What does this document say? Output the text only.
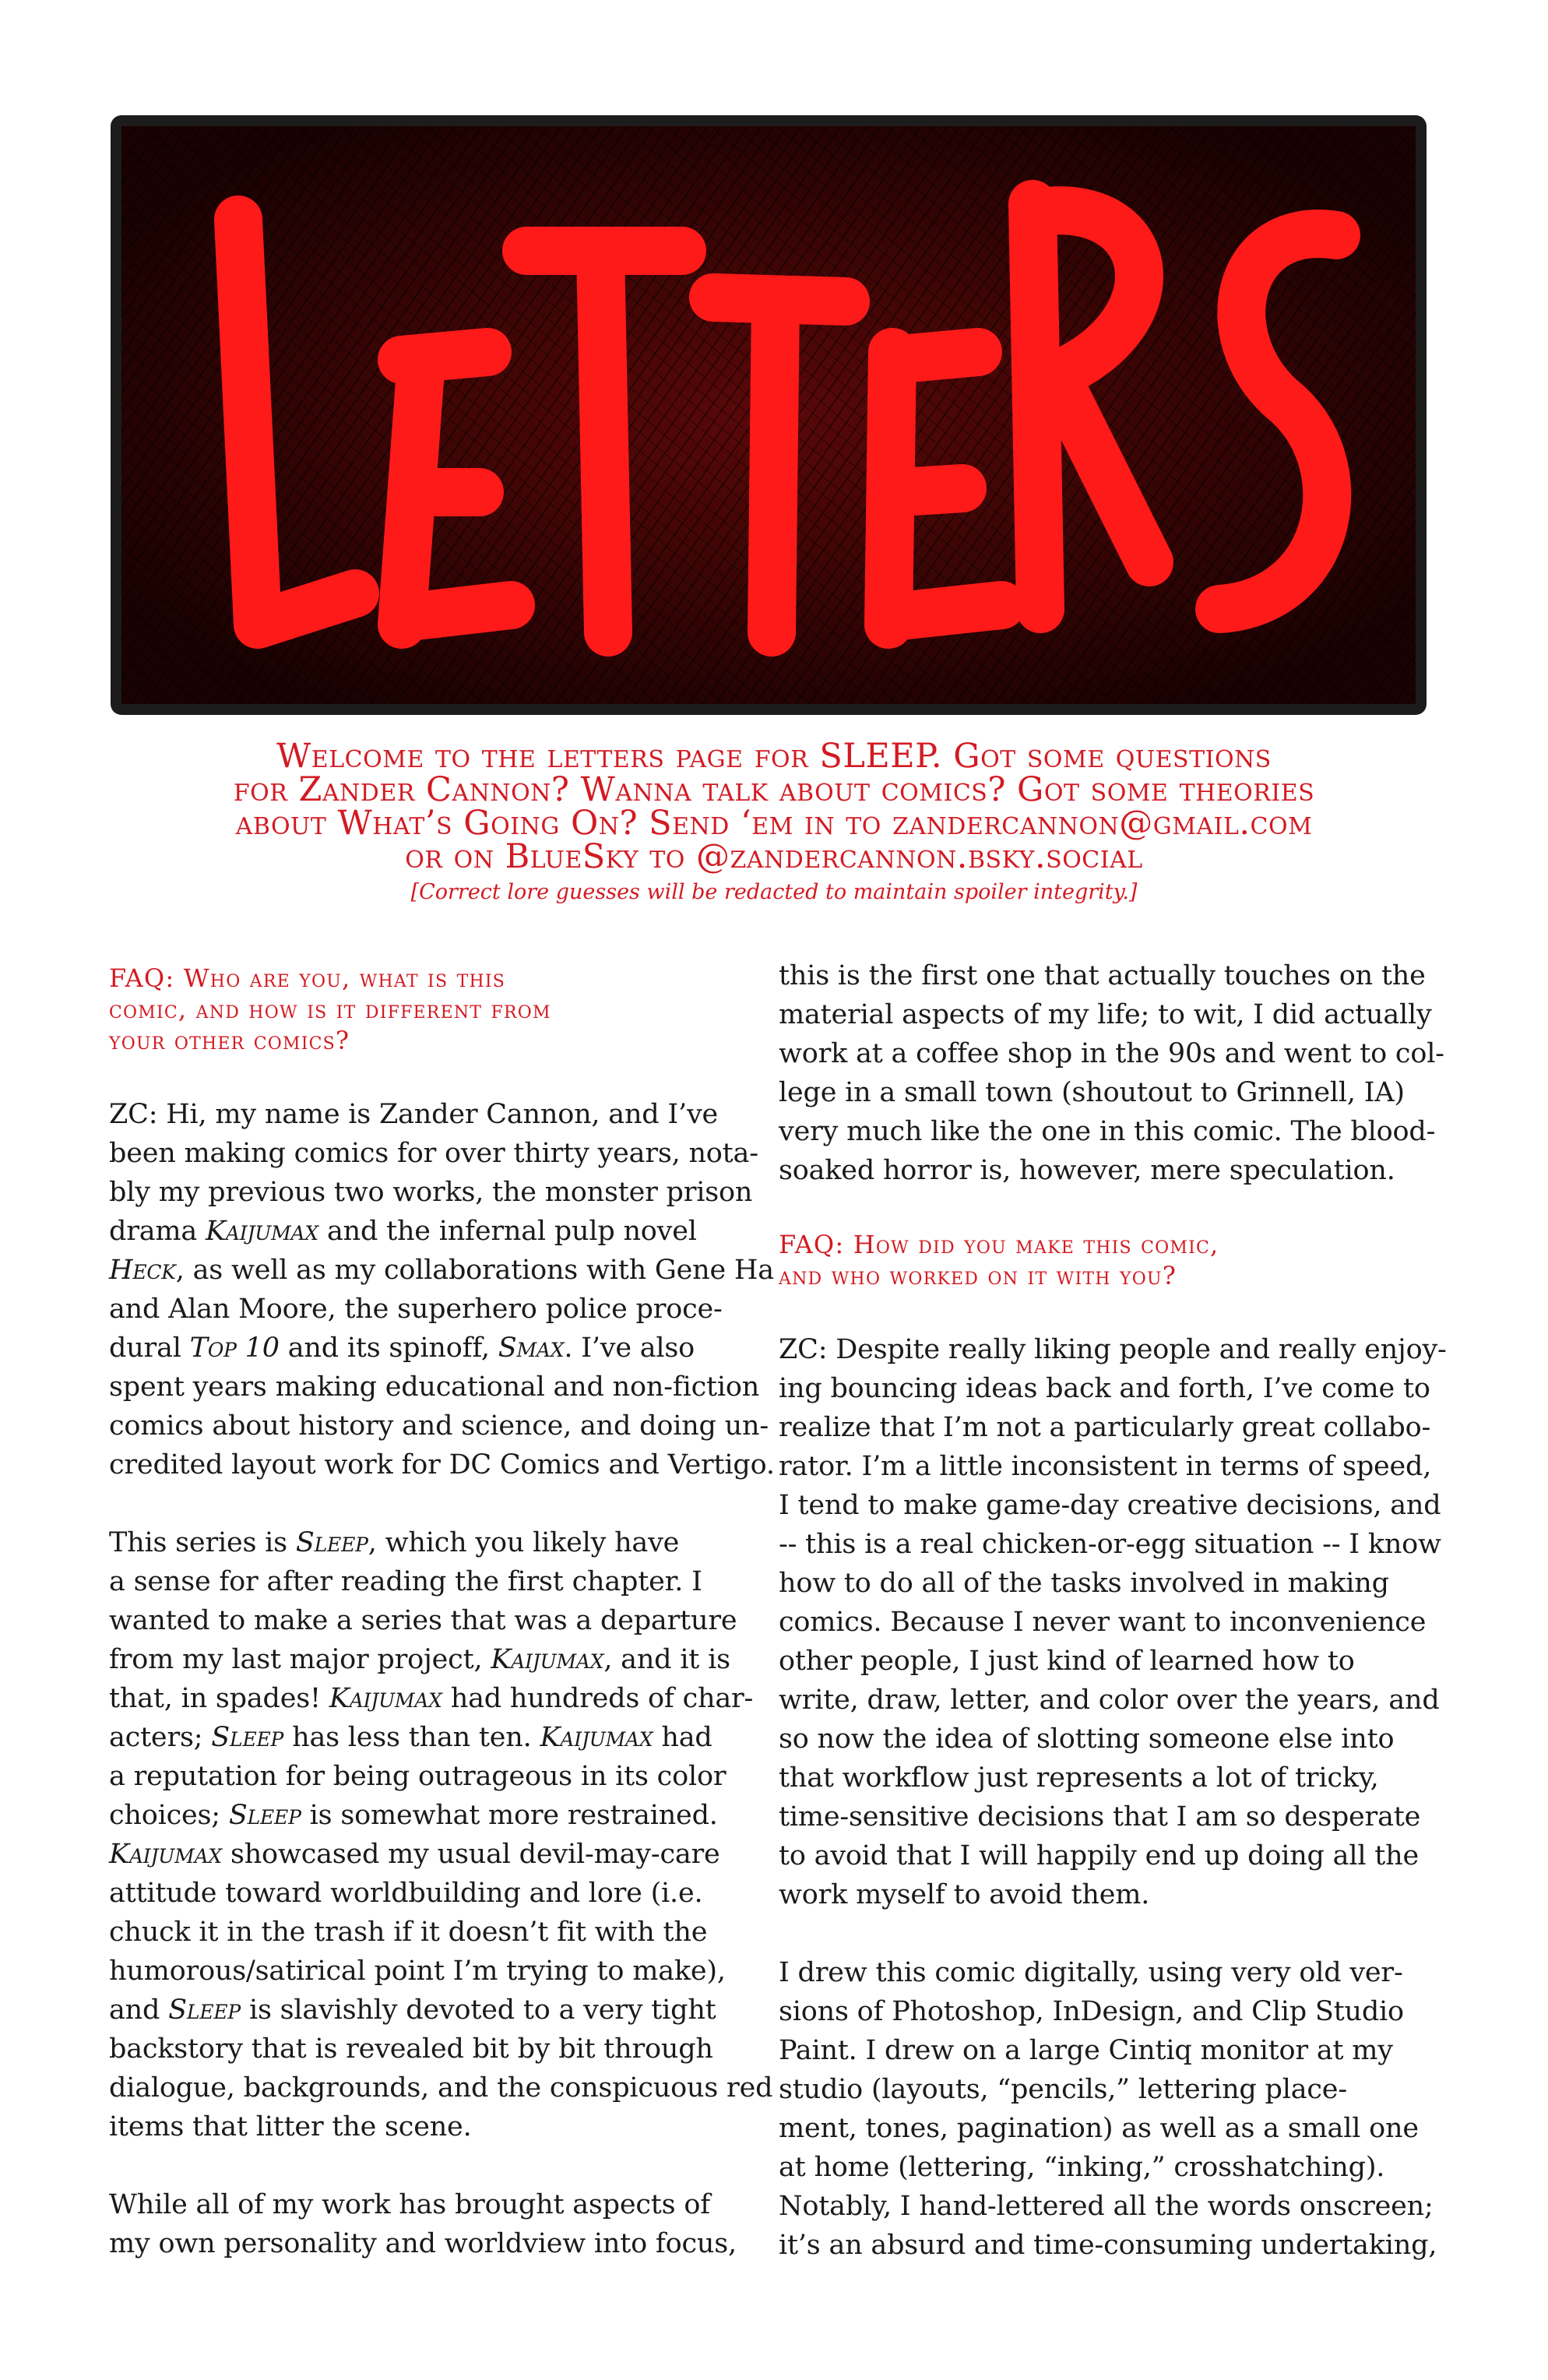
Welcome to the letters page for SLEEP. Got some questions
for Zander Cannon? Wanna talk about comics? Got some theories
about What’s Going On? Send ‘em in to zandercannon@gmail.com
or on BlueSky to @zandercannon.bsky.social
[Correct lore guesses will be redacted to maintain spoiler integrity.]
FAQ: Who are you, what is this
comic, and how is it different from
your other comics?
ZC: Hi, my name is Zander Cannon, and I’ve
been making comics for over thirty years, nota-
bly my previous two works, the monster prison
drama Kaijumax and the infernal pulp novel
Heck, as well as my collaborations with Gene Ha
and Alan Moore, the superhero police proce-
dural Top 10 and its spinoff, Smax. I’ve also
spent years making educational and non-fiction
comics about history and science, and doing un-
credited layout work for DC Comics and Vertigo.
This series is Sleep, which you likely have
a sense for after reading the first chapter. I
wanted to make a series that was a departure
from my last major project, Kaijumax, and it is
that, in spades! Kaijumax had hundreds of char-
acters; Sleep has less than ten. Kaijumax had
a reputation for being outrageous in its color
choices; Sleep is somewhat more restrained.
Kaijumax showcased my usual devil-may-care
attitude toward worldbuilding and lore (i.e.
chuck it in the trash if it doesn’t fit with the
humorous/satirical point I’m trying to make),
and Sleep is slavishly devoted to a very tight
backstory that is revealed bit by bit through
dialogue, backgrounds, and the conspicuous red
items that litter the scene.
While all of my work has brought aspects of
my own personality and worldview into focus,
this is the first one that actually touches on the
material aspects of my life; to wit, I did actually
work at a coffee shop in the 90s and went to col-
lege in a small town (shoutout to Grinnell, IA)
very much like the one in this comic. The blood-
soaked horror is, however, mere speculation.
FAQ: How did you make this comic,
and who worked on it with you?
ZC: Despite really liking people and really enjoy-
ing bouncing ideas back and forth, I’ve come to
realize that I’m not a particularly great collabo-
rator. I’m a little inconsistent in terms of speed,
I tend to make game-day creative decisions, and
-- this is a real chicken-or-egg situation -- I know
how to do all of the tasks involved in making
comics. Because I never want to inconvenience
other people, I just kind of learned how to
write, draw, letter, and color over the years, and
so now the idea of slotting someone else into
that workflow just represents a lot of tricky,
time-sensitive decisions that I am so desperate
to avoid that I will happily end up doing all the
work myself to avoid them.
I drew this comic digitally, using very old ver-
sions of Photoshop, InDesign, and Clip Studio
Paint. I drew on a large Cintiq monitor at my
studio (layouts, “pencils,” lettering place-
ment, tones, pagination) as well as a small one
at home (lettering, “inking,” crosshatching).
Notably, I hand-lettered all the words onscreen;
it’s an absurd and time-consuming undertaking,
